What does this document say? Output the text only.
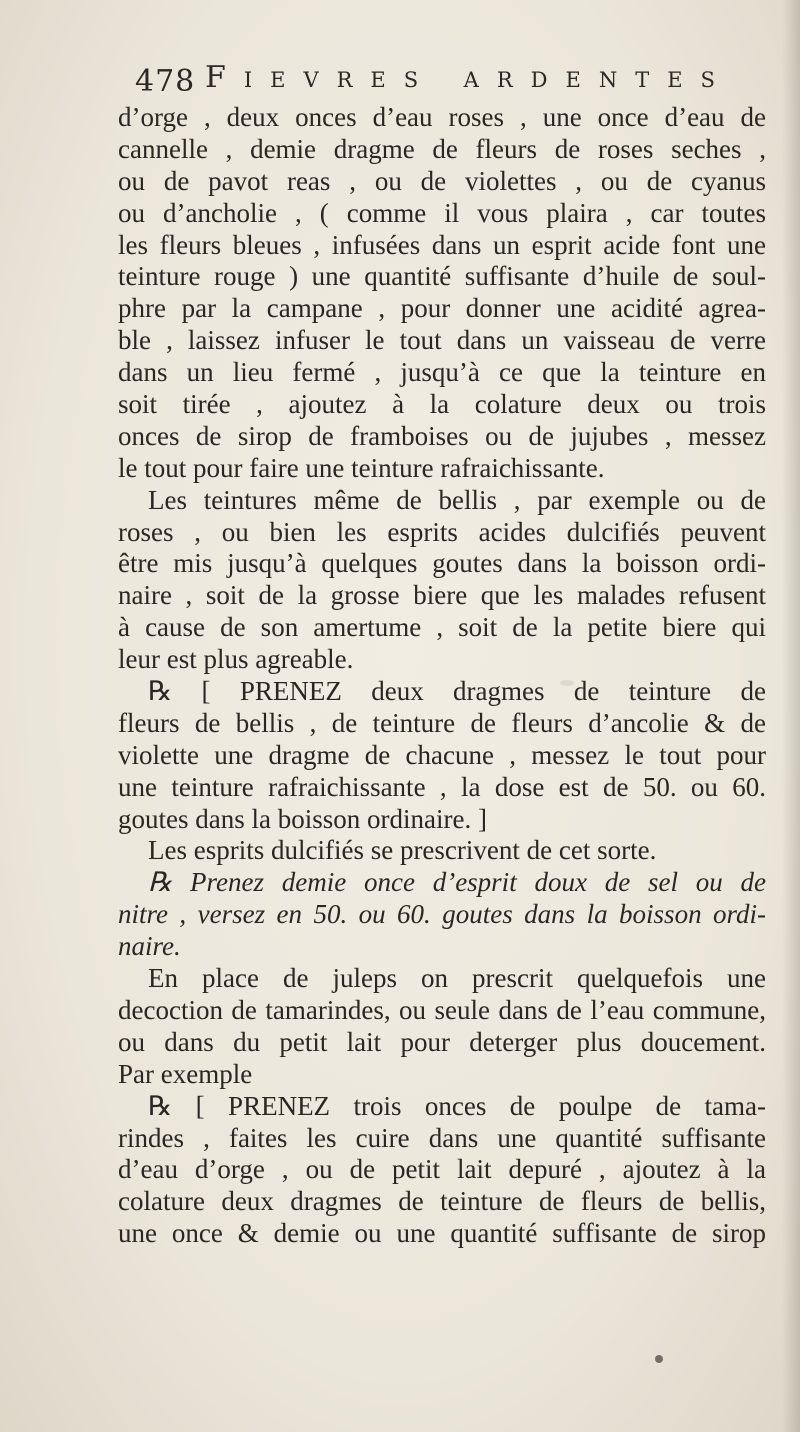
478 Fievres ardentes
d’orge , deux onces d’eau roses , une once d’eau de
cannelle , demie dragme de fleurs de roses seches ,
ou de pavot reas , ou de violettes , ou de cyanus
ou d’ancholie , ( comme il vous plaira , car toutes
les fleurs bleues , infusées dans un esprit acide font une
teinture rouge ) une quantité suffisante d’huile de soul-
phre par la campane , pour donner une acidité agrea-
ble , laissez infuser le tout dans un vaisseau de verre
dans un lieu fermé , jusqu’à ce que la teinture en
soit tirée , ajoutez à la colature deux ou trois
onces de sirop de framboises ou de jujubes , messez
le tout pour faire une teinture rafraichissante.
Les teintures même de bellis , par exemple ou de
roses , ou bien les esprits acides dulcifiés peuvent
être mis jusqu’à quelques goutes dans la boisson ordi-
naire , soit de la grosse biere que les malades refusent
à cause de son amertume , soit de la petite biere qui
leur est plus agreable.
℞ [ PRENEZ deux dragmes de teinture de
fleurs de bellis , de teinture de fleurs d’ancolie & de
violette une dragme de chacune , messez le tout pour
une teinture rafraichissante , la dose est de 50. ou 60.
goutes dans la boisson ordinaire. ]
Les esprits dulcifiés se prescrivent de cet sorte.
℞ Prenez demie once d’esprit doux de sel ou de
nitre , versez en 50. ou 60. goutes dans la boisson ordi-
naire.
En place de juleps on prescrit quelquefois une
decoction de tamarindes, ou seule dans de l’eau commune,
ou dans du petit lait pour deterger plus doucement.
Par exemple
℞ [ PRENEZ trois onces de poulpe de tama-
rindes , faites les cuire dans une quantité suffisante
d’eau d’orge , ou de petit lait depuré , ajoutez à la
colature deux dragmes de teinture de fleurs de bellis,
une once & demie ou une quantité suffisante de sirop
